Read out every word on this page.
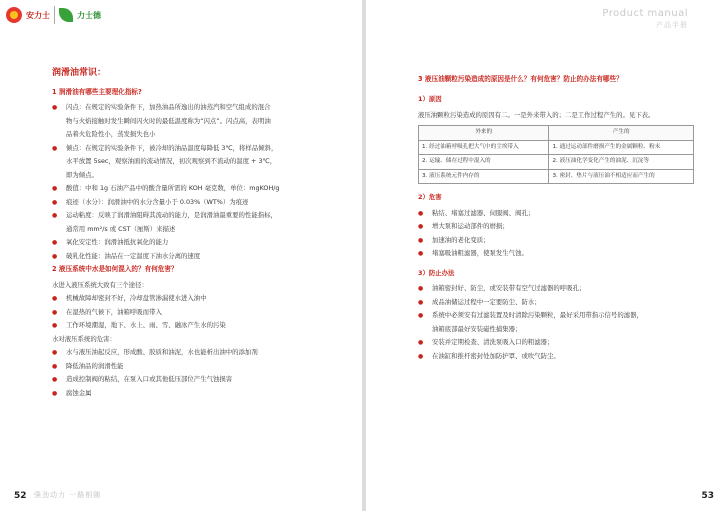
安力士	力士德
润滑油常识：
1 润滑油有哪些主要理化指标?
●	闪点：在规定的实验条件下，加热油品所逸出的油蒸汽和空气组成的混合
物与火焰接触时发生瞬间闪火时的最低温度称为“闪点”。闪点高，表明油
品着火危险性小，蒸发损失也小
●	倾点：在规定的实验条件下，被冷却的油品温度每降低 3℃，将样品倾斜，
水平放置 5sec，观察油面的流动情况，初次观察到不流动的温度 + 3℃，
即为倾点。
●	酸值：中和 1g 石油产品中的酸含量所需的 KOH 毫克数，单位：mgKOH/g
●	痕迹（水分）：润滑油中的水分含量小于 0.03%（WT%）为痕迹
●	运动粘度：反映了润滑油阻碍其流动的能力，是润滑油最重要的性能指标，
通常用 mm²/s 或 CST（厘斯）来描述
●	氧化安定性：润滑油抵抗氧化的能力
●	破乳化性能：油品在一定温度下油水分离的速度
2 液压系统中水是如何混入的？有何危害？
水进入液压系统大致有三个途径：
●	机械故障却密封不好，冷却盘管渗漏使水进入油中
●	在湿热的气候下，油箱呼吸而带入
●	工作环境潮湿，地下、水上、雨、雪、融冰产生水的污染
水对液压系统的危害：
●	水与液压油起反应，形成酸、胶质和油泥，水也能析出油中的添加剂
●	降低油品的润滑性能
●	造成控制阀的粘结，在泵入口或其他低压部位产生气蚀损害
●	腐蚀金属
52 强劲动力 一路相随
Product manual
产品手册
3 液压油颗粒污染造成的原因是什么？有何危害？防止的办法有哪些？
1）原因
液压油颗粒污染造成的原因有二。一是外来带入的；二是工作过程产生的。见下表。
外来的	产生的
1. 经过油箱呼吸孔把大气中的尘埃带入	1. 通过运动部件磨损产生的金属颗粒、粉末
2. 运输、储存过程中混入的	2. 液压油化学变化产生的油泥、沉淀等
3. 液压系统元件内存的	3. 密封、垫片与液压油不相适应而产生的
2）危害
●	粘结、堵塞过滤器、伺服阀、阀孔；
●	增大泵和运动部件的磨损；
●	加速油的老化变质；
●	堵塞吸油粗滤器，使泵发生气蚀。
3）防止办法
●	油箱密封好、防尘，或安装带有空气过滤器的呼吸孔；
●	成品油储运过程中一定要防尘、防水；
●	系统中必须安有过滤装置及时清除污染颗粒，最好采用带指示信号的滤器，
油箱底部最好安装磁性捕集器；
●	安装并定期检查、清洗泵吸入口的粗滤器；
●	在油缸和推杆密封处加防护罩、或吹气防尘。
53
